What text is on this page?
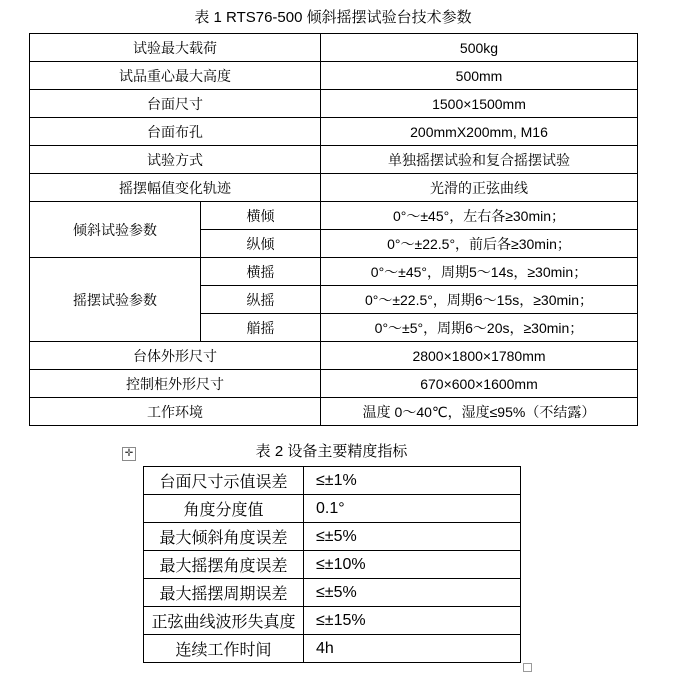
表 1 RTS76-500 倾斜摇摆试验台技术参数
试验最大载荷		500kg
试品重心最大高度		500mm
台面尺寸		1500×1500mm
台面布孔		200mmX200mm, M16
试验方式		单独摇摆试验和复合摇摆试验
摇摆幅值变化轨迹		光滑的正弦曲线
倾斜试验参数	横倾	0°～±45°，左右各≥30min；
	纵倾	0°～±22.5°，前后各≥30min；
摇摆试验参数	横摇	0°～±45°，周期5～14s，≥30min；
	纵摇	0°～±22.5°，周期6～15s，≥30min；
	艏摇	0°～±5°，周期6～20s，≥30min；
台体外形尺寸		2800×1800×1780mm
控制柜外形尺寸		670×600×1600mm
工作环境		温度 0～40℃，湿度≤95%（不结露）
✛	表 2 设备主要精度指标
台面尺寸示值误差	≤±1%
角度分度值	0.1°
最大倾斜角度误差	≤±5%
最大摇摆角度误差	≤±10%
最大摇摆周期误差	≤±5%
正弦曲线波形失真度	≤±15%
连续工作时间	4h
